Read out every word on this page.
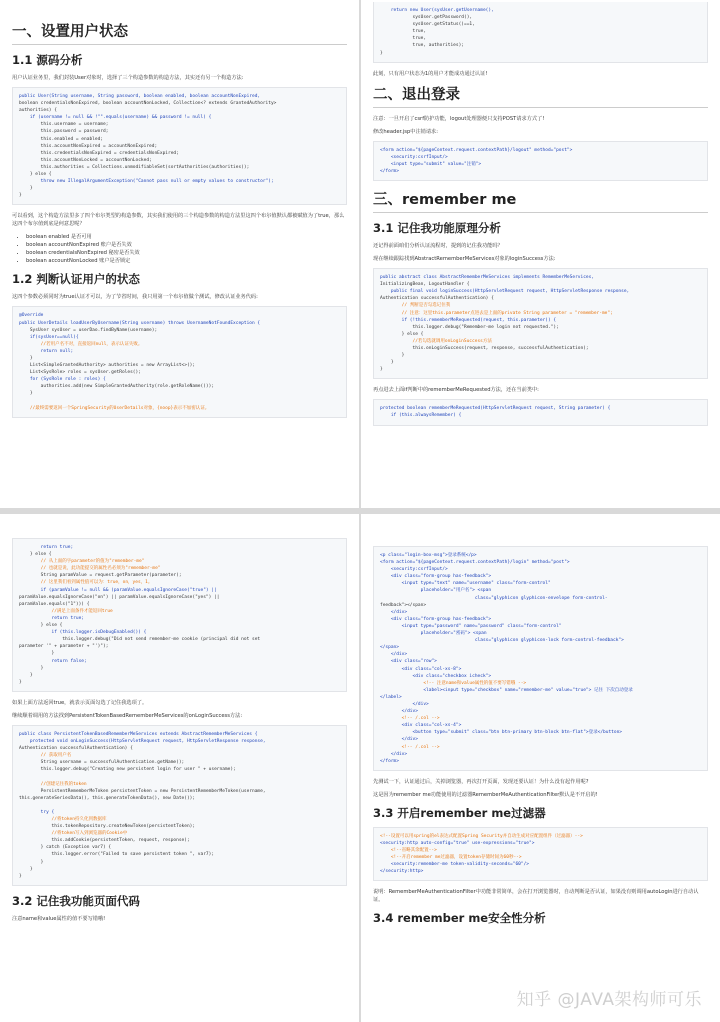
一、设置用户状态
1.1 源码分析

用户认证业务里，我们封装User对象时，选择了三个构造参数的构造方法，其实还有另一个构造方法:

public User(String username, String password, boolean enabled, boolean accountNonExpired,
boolean credentialsNonExpired, boolean accountNonLocked, Collection<? extends GrantedAuthority>
authorities) {
if (username != null && !"".equals(username) && password != null) {
this.username = username;
this.password = password;
this.enabled = enabled;
this.accountNonExpired = accountNonExpired;
this.credentialsNonExpired = credentialsNonExpired;
this.accountNonLocked = accountNonLocked;
this.authorities = Collections.unmodifiableSet(sortAuthorities(authorities));
} else {
throw new IllegalArgumentException("Cannot pass null or empty values to constructor");
}
}

可以看到，这个构造方法里多了四个布尔类型的构造参数，其实我们使用的三个构造参数的构造方法里这四个布尔值默认都被赋值为了true，那么这四个布尔值到底是何意思呢？

• boolean enabled 是否可用
• boolean accountNonExpired 账户是否失效
• boolean credentialsNonExpired 秘密是否失效
• boolean accountNonLocked 账户是否锁定
1.2 判断认证用户的状态

这四个参数必须同时为true认证才可以，为了节省时间，我只用第一个布尔值做个测试，修改认证业务代码:

@Override
public UserDetails loadUserByUsername(String username) throws UsernameNotFoundException {
SysUser sysUser = userDao.findByName(username);
if(sysUser==null){
//若用户名不对，直接返回null，表示认证失败。
return null;
}
List<SimpleGrantedAuthority> authorities = new ArrayList<>();
List<SysRole> roles = sysUser.getRoles();
for (SysRole role : roles) {
authorities.add(new SimpleGrantedAuthority(role.getRoleName()));
}

//最终需要返回一个SpringSecurity的UserDetails对象，{noop}表示不加密认证。
return new User(sysUser.getUsername(),
sysUser.getPassword(),
sysUser.getStatus()==1,
true,
true,
true, authorities);
}

此刻，只有用户状态为1的用户才能成功通过认证!

二、退出登录

注意：一旦开启了csrf防护功能，logout处理器便只支持POST请求方式了!

修改header.jsp中注销请求:

<form action="${pageContext.request.contextPath}/logout" method="post">
<security:csrfInput/>
<input type="submit" value="注销">
</form>
三、remember me
3.1 记住我功能原理分析

还记得前面咱们分析认证流程时，提到的记住我功能吗？

现在继续跟踪找到AbstractRememberMeServices对象的loginSuccess方法:

public abstract class AbstractRememberMeServices implements RememberMeServices,
InitializingBean, LogoutHandler {
public final void loginSuccess(HttpServletRequest request, HttpServletResponse response,
Authentication successfulAuthentication) {
// 判断是否勾选记住我
// 注意：这里this.parameter点进去是上面的private String parameter = "remember-me";
if (!this.rememberMeRequested(request, this.parameter)) {
this.logger.debug("Remember-me login not requested.");
} else {
//若勾选就调用onLoginSuccess方法
this.onLoginSuccess(request, response, successfulAuthentication);
}
}
}

再点进去上面if判断中的rememberMeRequested方法，还在当前类中:

protected boolean rememberMeRequested(HttpServletRequest request, String parameter) {
if (this.alwaysRemember) {
return true;
} else {
// 从上面的字parameter的值为"remember-me"
// 也就是说，此功能提交的属性名必须为"remember-me"
String paramValue = request.getParameter(parameter);
// 这里我们看到属性值可以为：true，on，yes，1。
if (paramValue != null && (paramValue.equalsIgnoreCase("true") ||
paramValue.equalsIgnoreCase("on") || paramValue.equalsIgnoreCase("yes") ||
paramValue.equals("1"))) {
//满足上面条件才能返回true
return true;
} else {
if (this.logger.isDebugEnabled()) {
this.logger.debug("Did not send remember-me cookie (principal did not set
parameter '" + parameter + "')");
}
return false;
}
}
}

如果上面方法返回true，就表示页面勾选了记住我选项了。

继续顺着调用的方法找到PersistentTokenBasedRememberMeServices的onLoginSuccess方法:

public class PersistentTokenBasedRememberMeServices extends AbstractRememberMeServices {
protected void onLoginSuccess(HttpServletRequest request, HttpServletResponse response,
Authentication successfulAuthentication) {
// 获取用户名
String username = successfulAuthentication.getName();
this.logger.debug("Creating new persistent login for user " + username);

//创建记住我的token
PersistentRememberMeToken persistentToken = new PersistentRememberMeToken(username,
this.generateSeriesData(), this.generateTokenData(), new Date());

try {
//将token持久化到数据库
this.tokenRepository.createNewToken(persistentToken);
//将token写入到浏览器的Cookie中
this.addCookie(persistentToken, request, response);
} catch (Exception var7) {
this.logger.error("Failed to save persistent token ", var7);
}
}
}
3.2 记住我功能页面代码

注意name和value属性的值不要写错哦!

<p class="login-box-msg">登录系统</p>
<form action="${pageContext.request.contextPath}/login" method="post">
<security:csrfInput/>
<div class="form-group has-feedback">
<input type="text" name="username" class="form-control"
placeholder="用户名"> <span
class="glyphicon glyphicon-envelope form-control-
feedback"></span>
</div>
<div class="form-group has-feedback">
<input type="password" name="password" class="form-control"
placeholder="密码"> <span
class="glyphicon glyphicon-lock form-control-feedback">
</span>
</div>
<div class="row">
<div class="col-xs-8">
<div class="checkbox icheck">
<!-- 注意name和value属性的值不要写错哦 -->
<label><input type="checkbox" name="remember-me" value="true"> 记住 下次自动登录
</label>
</div>
</div>
<!-- /.col -->
<div class="col-xs-4">
<button type="submit" class="btn btn-primary btn-block btn-flat">登录</button>
</div>
<!-- /.col -->
</div>
</form>

先测试一下，认证通过后，关掉浏览器，再次打开页面，发现还要认证！为什么没有起作用呢?

这是因为remember me功能使用的过滤器RememberMeAuthenticationFilter默认是不开启的!

3.3 开启remember me过滤器
<!--设置可以用spring的el表达式配置Spring Security并自动生成对应配置组件（过滤器）-->
<security:http auto-config="true" use-expressions="true">
<!--省略其余配置-->
<!--开启remember me过滤器，设置token存储时间为60秒-->
<security:remember-me token-validity-seconds="60"/>
</security:http>

说明：RememberMeAuthenticationFilter中功能非常简单，会在打开浏览器时，自动判断是否认证，如果没有则调用autoLogin进行自动认证。

3.4 remember me安全性分析
知乎 @JAVA架构师可乐
